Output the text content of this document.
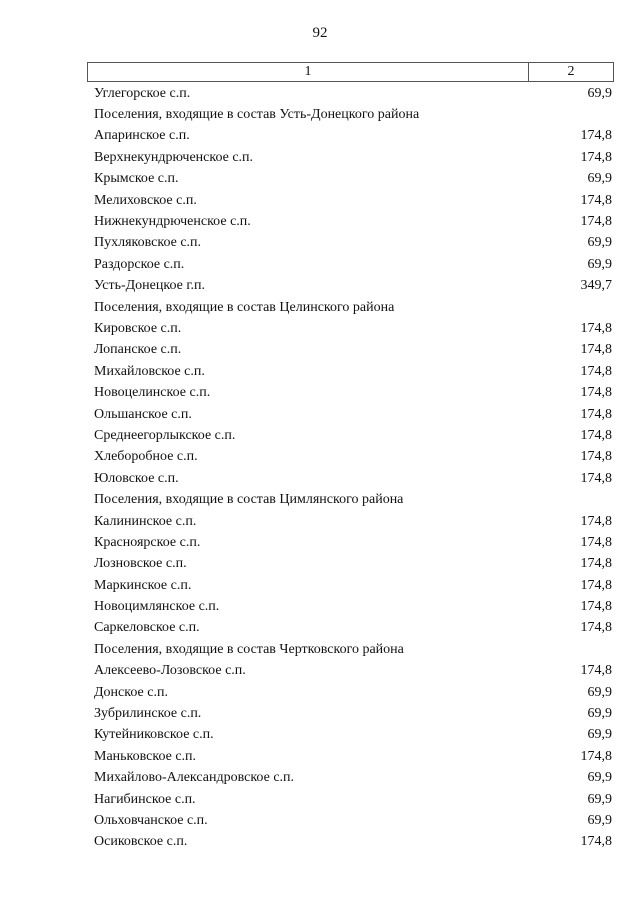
92
1	2
Углегорское с.п.	69,9
Поселения, входящие в состав Усть-Донецкого района
Апаринское с.п.	174,8
Верхнекундрюченское с.п.	174,8
Крымское с.п.	69,9
Мелиховское с.п.	174,8
Нижнекундрюченское с.п.	174,8
Пухляковское с.п.	69,9
Раздорское с.п.	69,9
Усть-Донецкое г.п.	349,7
Поселения, входящие в состав Целинского района
Кировское с.п.	174,8
Лопанское с.п.	174,8
Михайловское с.п.	174,8
Новоцелинское с.п.	174,8
Ольшанское с.п.	174,8
Среднеегорлыкское с.п.	174,8
Хлеборобное с.п.	174,8
Юловское с.п.	174,8
Поселения, входящие в состав Цимлянского района
Калининское с.п.	174,8
Красноярское с.п.	174,8
Лозновское с.п.	174,8
Маркинское с.п.	174,8
Новоцимлянское с.п.	174,8
Саркеловское с.п.	174,8
Поселения, входящие в состав Чертковского района
Алексеево-Лозовское с.п.	174,8
Донское с.п.	69,9
Зубрилинское с.п.	69,9
Кутейниковское с.п.	69,9
Маньковское с.п.	174,8
Михайлово-Александровское с.п.	69,9
Нагибинское с.п.	69,9
Ольховчанское с.п.	69,9
Осиковское с.п.	174,8
